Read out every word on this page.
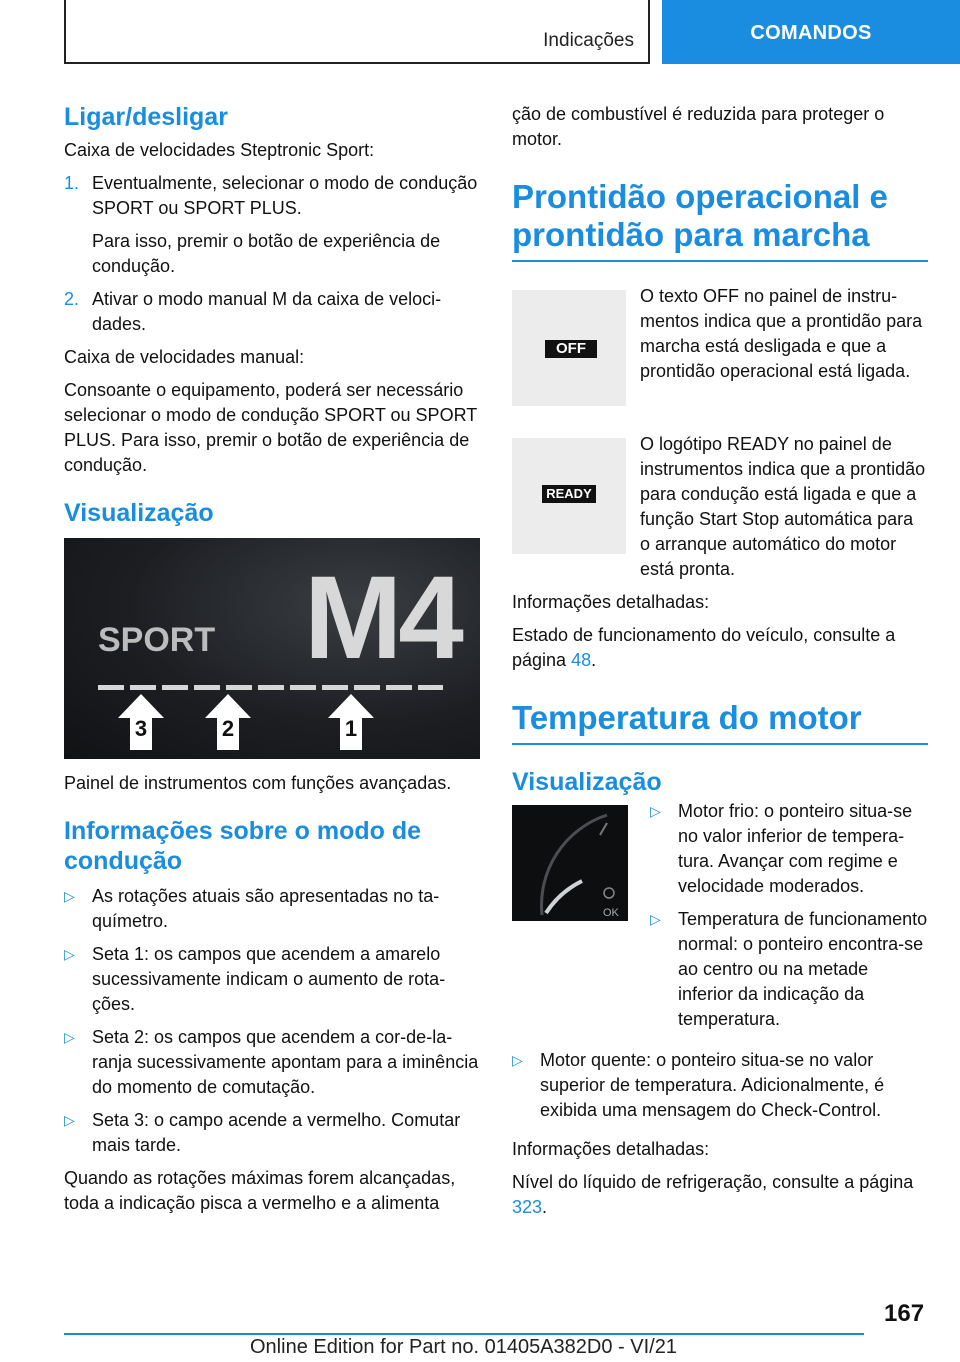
Indicações	COMANDOS
Ligar/desligar

Caixa de velocidades Steptronic Sport:

1. Eventualmente, selecionar o modo de condução SPORT ou SPORT PLUS.

Para isso, premir o botão de experiência de condução.

2. Ativar o modo manual M da caixa de velocidades.

Caixa de velocidades manual:

Consoante o equipamento, poderá ser necessário selecionar o modo de condução SPORT ou SPORT PLUS. Para isso, premir o botão de experiência de condução.

Visualização
SPORT M4
3	2	1

Painel de instrumentos com funções avançadas.

Informações sobre o modo de condução
▷ As rotações atuais são apresentadas no taquímetro.
▷ Seta 1: os campos que acendem a amarelo sucessivamente indicam o aumento de rotações.
▷ Seta 2: os campos que acendem a cor-de-laranja sucessivamente apontam para a iminência do momento de comutação.
▷ Seta 3: o campo acende a vermelho. Comutar mais tarde.

Quando as rotações máximas forem alcançadas, toda a indicação pisca a vermelho e a alimenta

ção de combustível é reduzida para proteger o motor.

Prontidão operacional e prontidão para marcha
OFF

O texto OFF no painel de instrumentos indica que a prontidão para marcha está desligada e que a prontidão operacional está ligada.

READY

O logótipo READY no painel de instrumentos indica que a prontidão para condução está ligada e que a função Start Stop automática para o arranque automático do motor está pronta.

Informações detalhadas:

Estado de funcionamento do veículo, consulte a página 48.

Temperatura do motor
Visualização
OK
▷ Motor frio: o ponteiro situa-se no valor inferior de temperatura. Avançar com regime e velocidade moderados.
▷ Temperatura de funcionamento normal: o ponteiro encontra-se ao centro ou na metade inferior da indicação da temperatura.
▷ Motor quente: o ponteiro situa-se no valor superior de temperatura. Adicionalmente, é exibida uma mensagem do Check-Control.

Informações detalhadas:

Nível do líquido de refrigeração, consulte a página 323.

167
Online Edition for Part no. 01405A382D0 - VI/21
